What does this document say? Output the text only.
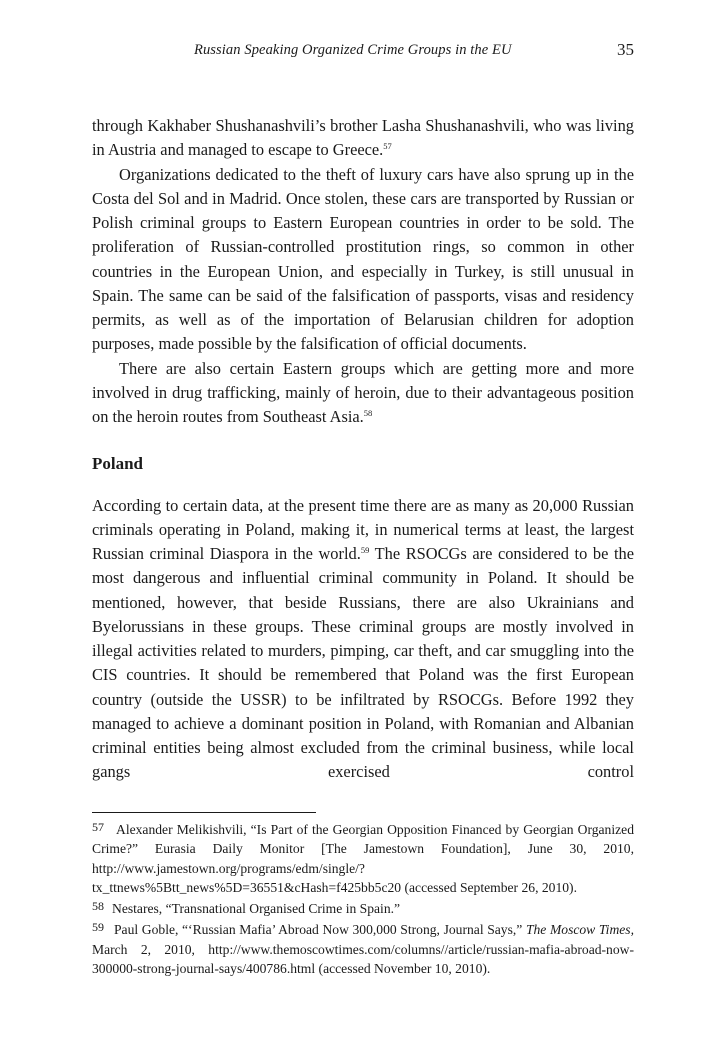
Russian Speaking Organized Crime Groups in the EU	35

through Kakhaber Shushanashvili’s brother Lasha Shushanashvili, who was living in Austria and managed to escape to Greece.$^{57}$

Organizations dedicated to the theft of luxury cars have also sprung up in the Costa del Sol and in Madrid. Once stolen, these cars are transported by Russian or Polish criminal groups to Eastern European countries in order to be sold. The proliferation of Russian-controlled prostitution rings, so common in other countries in the European Union, and especially in Turkey, is still unusual in Spain. The same can be said of the falsification of passports, visas and residency permits, as well as of the importation of Belarusian children for adoption purposes, made possible by the falsification of official documents.

There are also certain Eastern groups which are getting more and more involved in drug trafficking, mainly of heroin, due to their advantageous position on the heroin routes from Southeast Asia.$^{58}$

Poland

According to certain data, at the present time there are as many as 20,000 Russian criminals operating in Poland, making it, in numerical terms at least, the largest Russian criminal Diaspora in the world.$^{59}$ The RSOCGs are considered to be the most dangerous and influential criminal community in Poland. It should be mentioned, however, that beside Russians, there are also Ukrainians and Byelorussians in these groups. These criminal groups are mostly involved in illegal activities related to murders, pimping, car theft, and car smuggling into the CIS countries. It should be remembered that Poland was the first European country (outside the USSR) to be infiltrated by RSOCGs. Before 1992 they managed to achieve a dominant position in Poland, with Romanian and Albanian criminal entities being almost excluded from the criminal business, while local gangs exercised control

57 Alexander Melikishvili, “Is Part of the Georgian Opposition Financed by Georgian Organized Crime?” Eurasia Daily Monitor [The Jamestown Foundation], June 30, 2010, http://www.jamestown.org/programs/edm/single/?tx_ttnews%5Btt_news%5D=36551&cHash=f425bb5c20 (accessed September 26, 2010).

58 Nestares, “Transnational Organised Crime in Spain.”

59 Paul Goble, “‘Russian Mafia’ Abroad Now 300,000 Strong, Journal Says,” The Moscow Times, March 2, 2010, http://www.themoscowtimes.com/columns//article/russian-mafia-abroad-now-300000-strong-journal-says/400786.html (accessed November 10, 2010).
